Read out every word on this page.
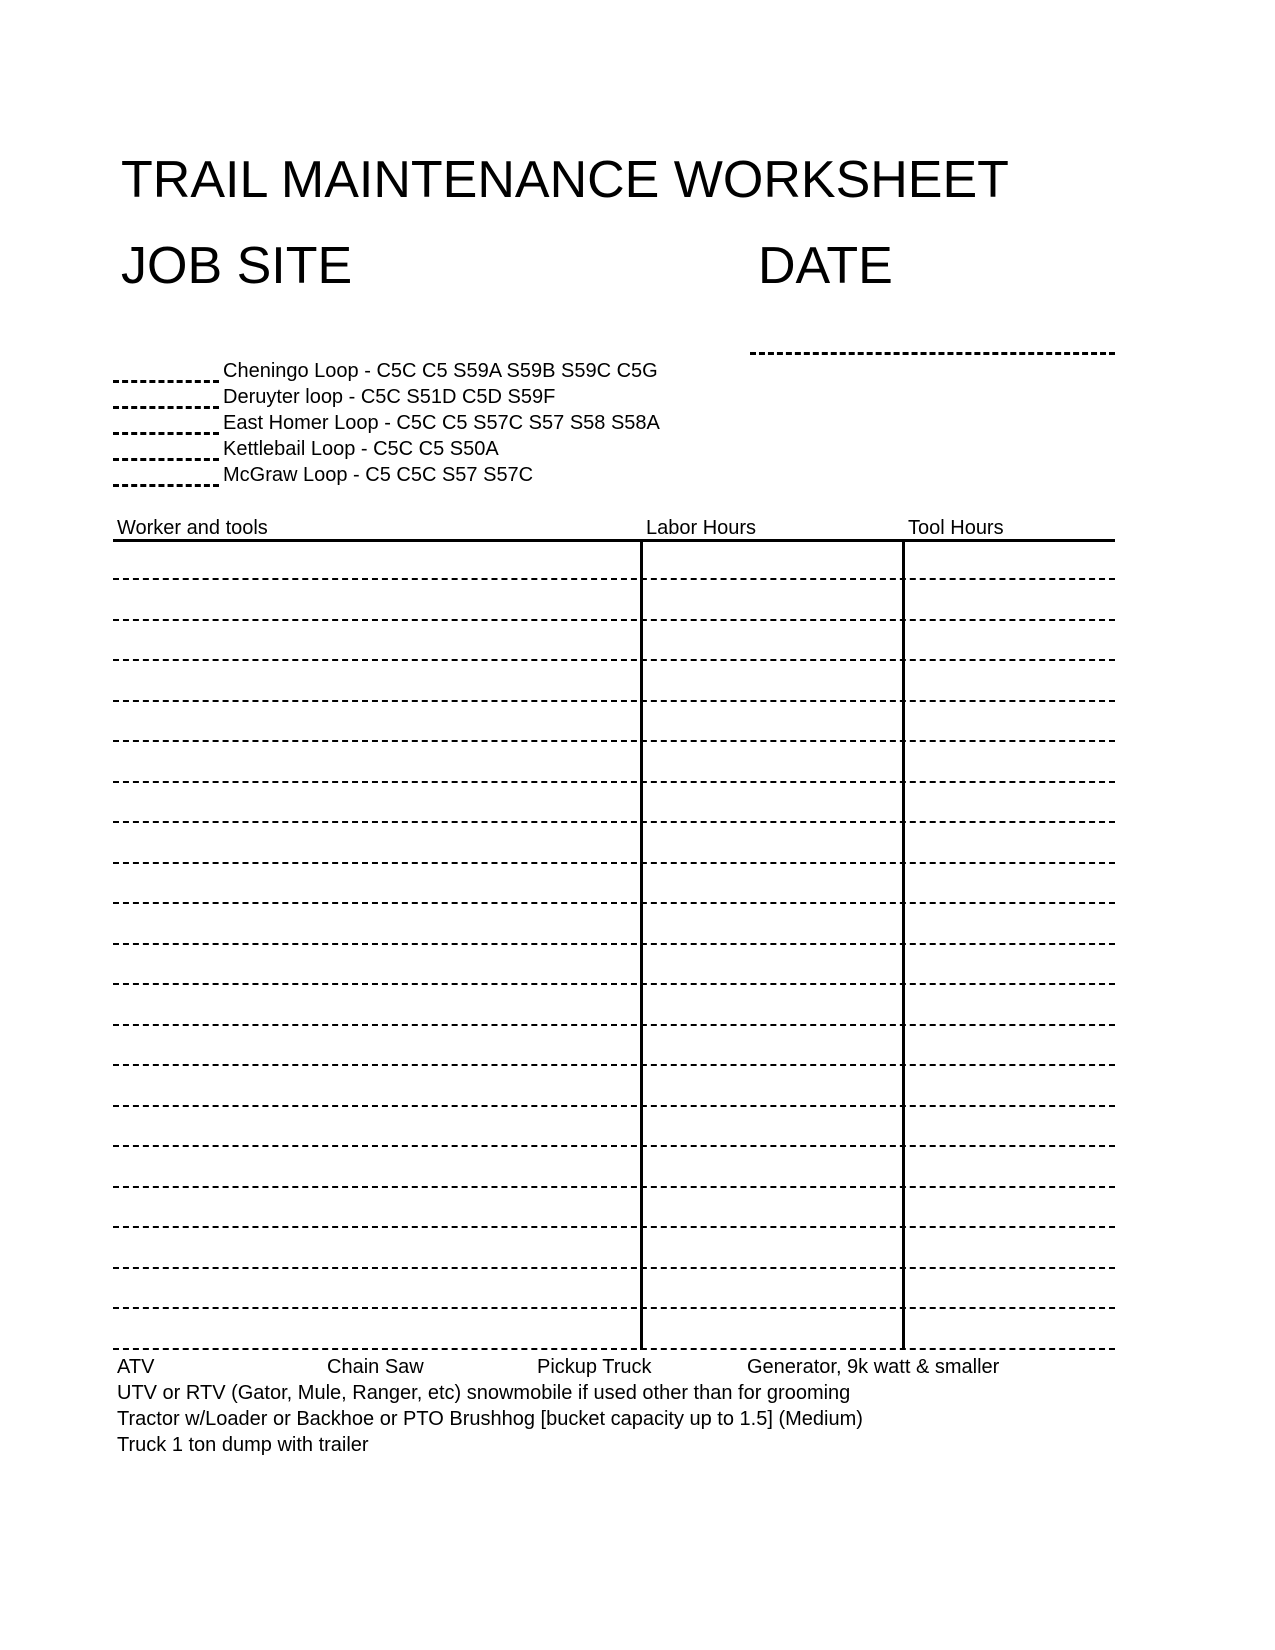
TRAIL MAINTENANCE WORKSHEET
JOB SITE	DATE
Cheningo Loop - C5C C5 S59A S59B S59C C5G
Deruyter loop - C5C S51D C5D S59F
East Homer Loop - C5C C5 S57C S57 S58 S58A
Kettlebail Loop - C5C C5 S50A
McGraw Loop - C5 C5C S57 S57C
Worker and tools	Labor Hours	Tool Hours
ATV	Chain Saw	Pickup Truck	Generator, 9k watt & smaller
UTV or RTV (Gator, Mule, Ranger, etc) snowmobile if used other than for grooming
Tractor w/Loader or Backhoe or PTO Brushhog [bucket capacity up to 1.5] (Medium)
Truck 1 ton dump with trailer
